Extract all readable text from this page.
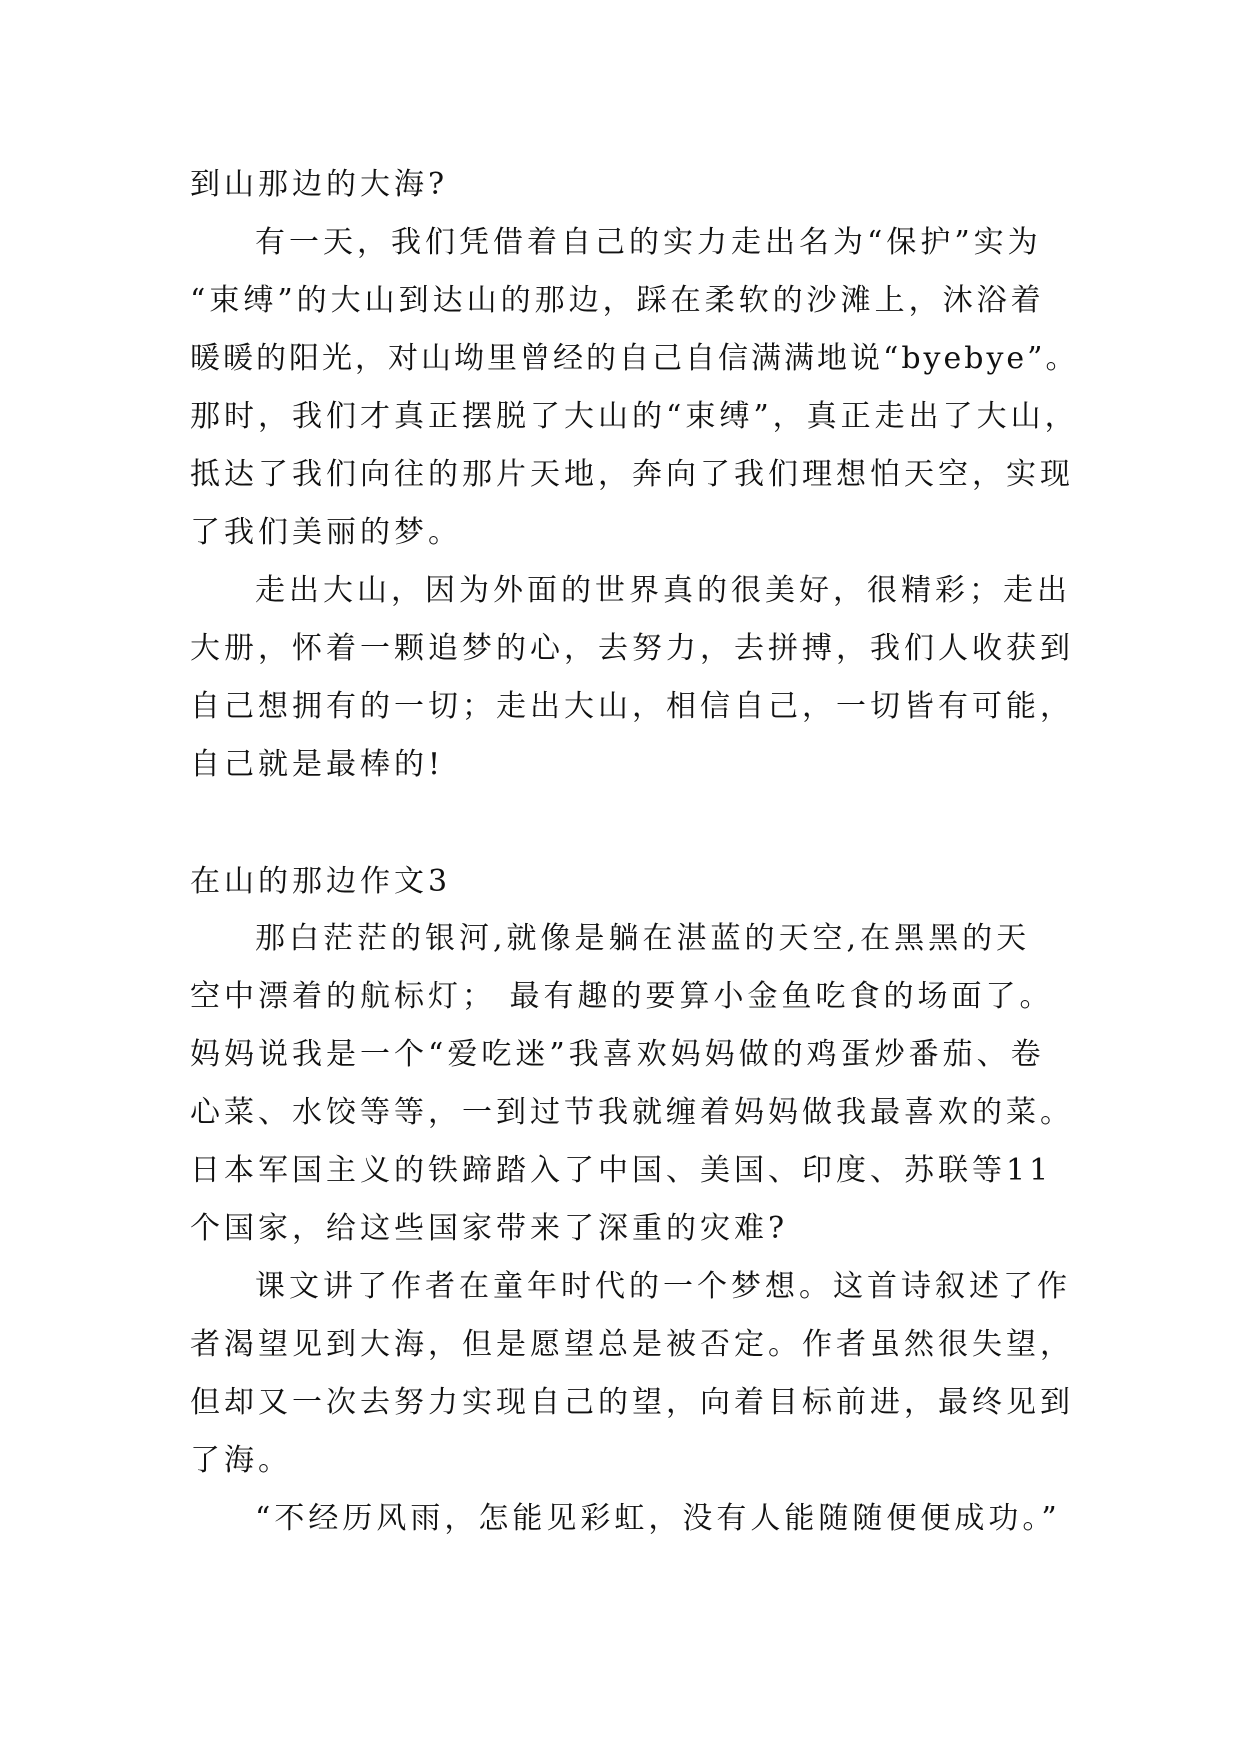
到山那边的大海?

有一天，我们凭借着自己的实力走出名为“保护”实为

“束缚”的大山到达山的那边，踩在柔软的沙滩上，沐浴着

暖暖的阳光，对山坳里曾经的自己自信满满地说“byebye”。

那时，我们才真正摆脱了大山的“束缚”，真正走出了大山，

抵达了我们向往的那片天地，奔向了我们理想怕天空，实现

了我们美丽的梦。

走出大山，因为外面的世界真的很美好，很精彩；走出

大册，怀着一颗追梦的心，去努力，去拼搏，我们人收获到

自己想拥有的一切；走出大山，相信自己，一切皆有可能，

自己就是最棒的!

在山的那边作文3

那白茫茫的银河,就像是躺在湛蓝的天空,在黑黑的天

空中漂着的航标灯； 最有趣的要算小金鱼吃食的场面了。

妈妈说我是一个“爱吃迷”我喜欢妈妈做的鸡蛋炒番茄、卷

心菜、水饺等等，一到过节我就缠着妈妈做我最喜欢的菜。

日本军国主义的铁蹄踏入了中国、美国、印度、苏联等11

个国家，给这些国家带来了深重的灾难?

课文讲了作者在童年时代的一个梦想。这首诗叙述了作

者渴望见到大海，但是愿望总是被否定。作者虽然很失望，

但却又一次去努力实现自己的望，向着目标前进，最终见到

了海。

“不经历风雨，怎能见彩虹，没有人能随随便便成功。”
